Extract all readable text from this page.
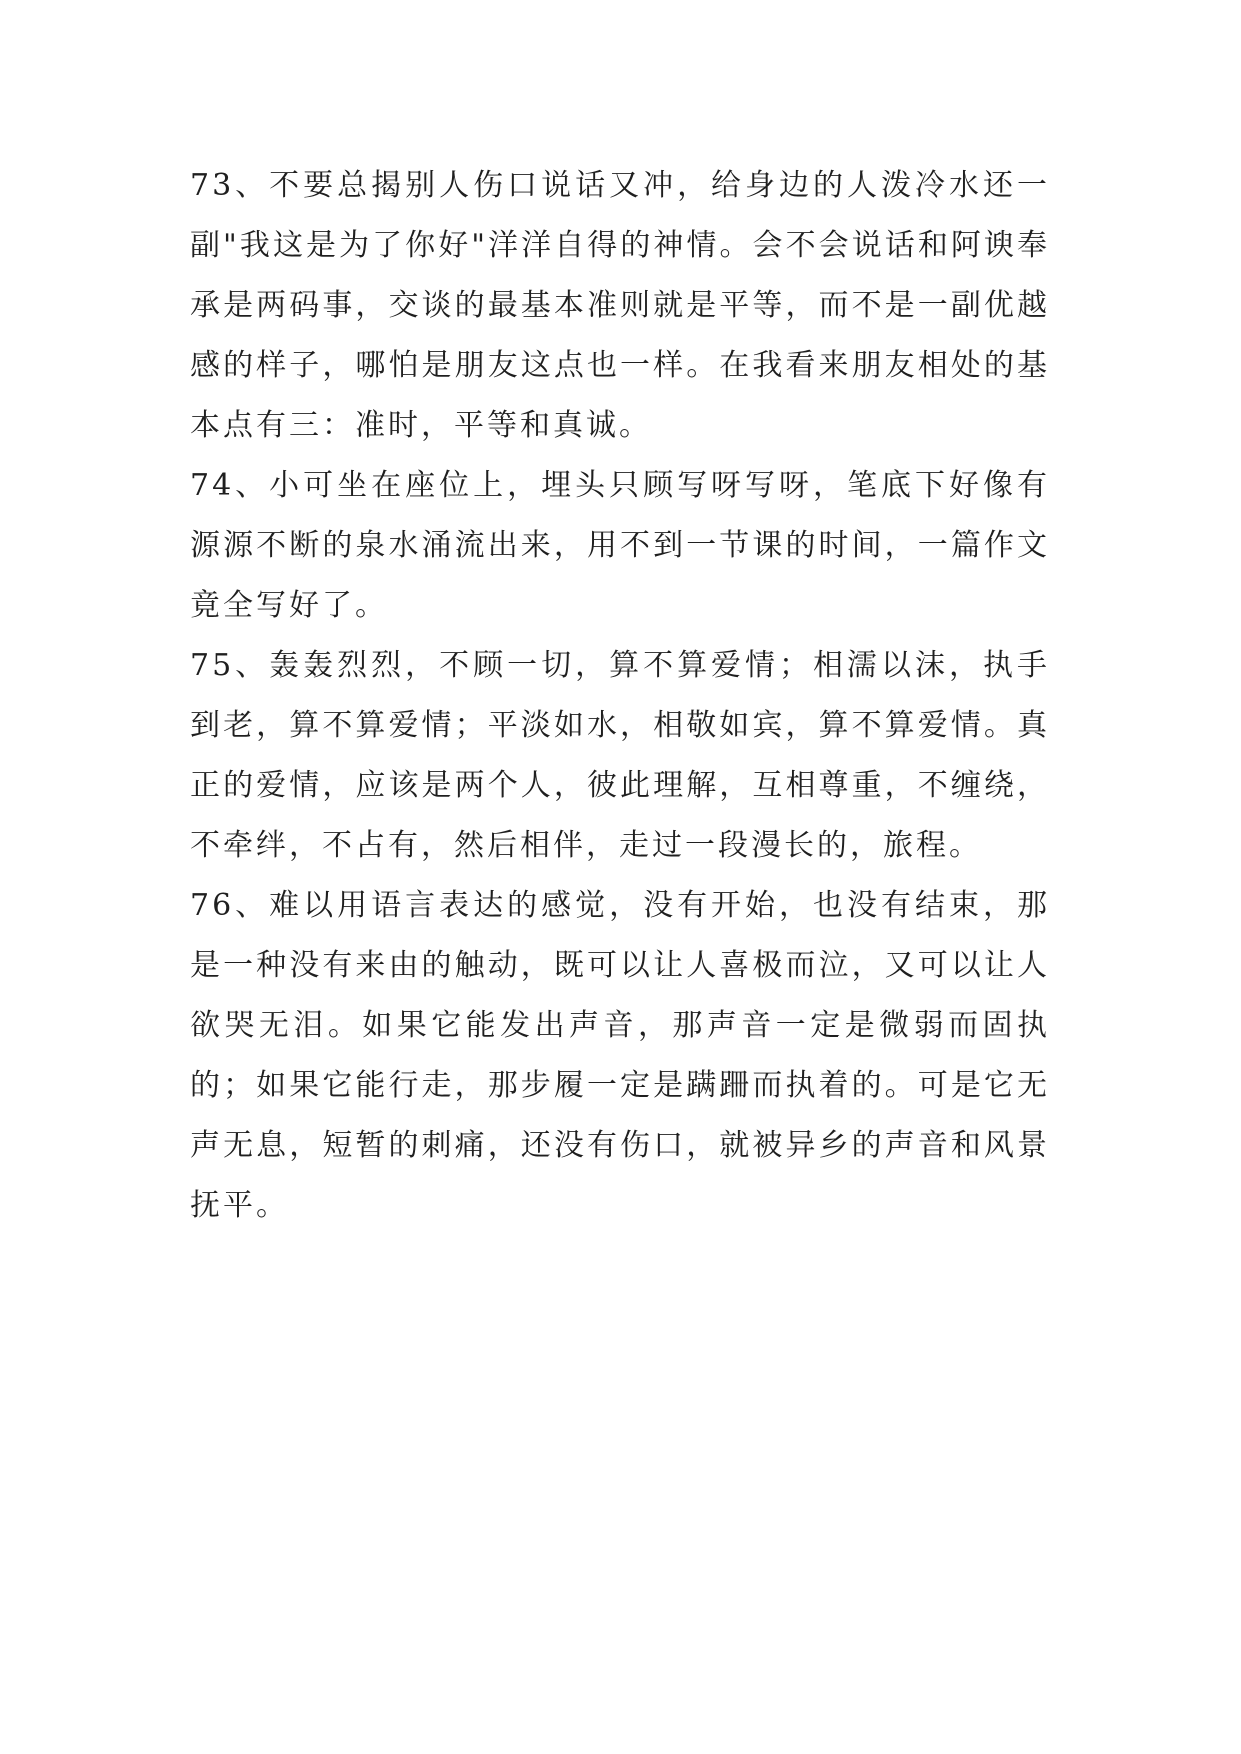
73、不要总揭别人伤口说话又冲，给身边的人泼冷水还一副"我这是为了你好"洋洋自得的神情。会不会说话和阿谀奉承是两码事，交谈的最基本准则就是平等，而不是一副优越感的样子，哪怕是朋友这点也一样。在我看来朋友相处的基本点有三：准时，平等和真诚。

74、小可坐在座位上，埋头只顾写呀写呀，笔底下好像有源源不断的泉水涌流出来，用不到一节课的时间，一篇作文竟全写好了。

75、轰轰烈烈，不顾一切，算不算爱情；相濡以沫，执手到老，算不算爱情；平淡如水，相敬如宾，算不算爱情。真正的爱情，应该是两个人，彼此理解，互相尊重，不缠绕，不牵绊，不占有，然后相伴，走过一段漫长的，旅程。

76、难以用语言表达的感觉，没有开始，也没有结束，那是一种没有来由的触动，既可以让人喜极而泣，又可以让人欲哭无泪。如果它能发出声音，那声音一定是微弱而固执的；如果它能行走，那步履一定是蹒跚而执着的。可是它无声无息，短暂的刺痛，还没有伤口，就被异乡的声音和风景抚平。
